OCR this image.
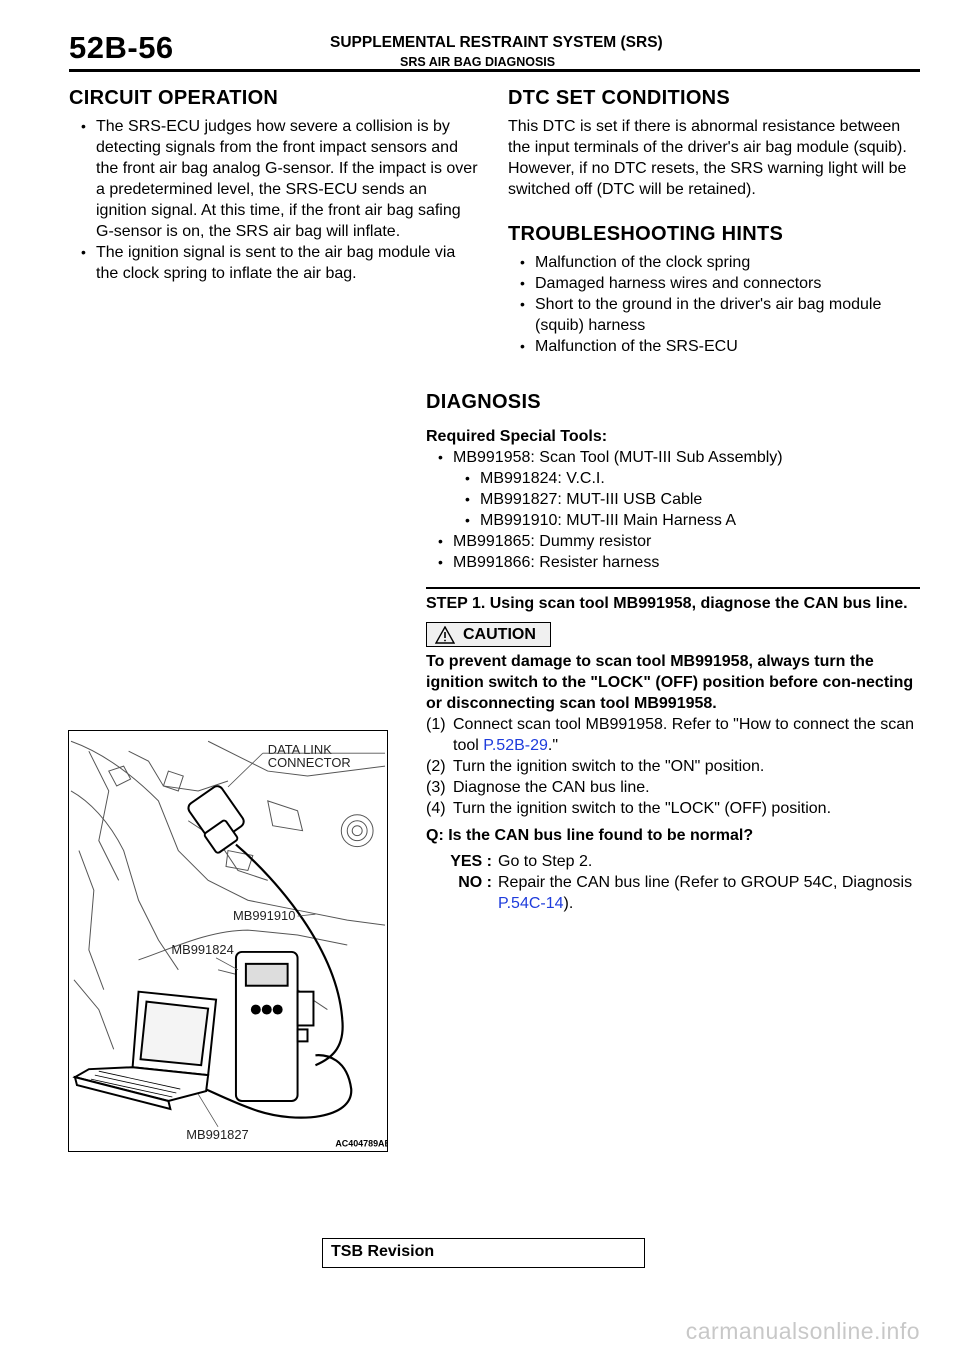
52B-56	SUPPLEMENTAL RESTRAINT SYSTEM (SRS)
SRS AIR BAG DIAGNOSIS
CIRCUIT OPERATION
• The SRS-ECU judges how severe a collision is by detecting signals from the front impact sensors and the front air bag analog G-sensor. If the impact is over a predetermined level, the SRS-ECU sends an ignition signal. At this time, if the front air bag safing G-sensor is on, the SRS air bag will inflate.
• The ignition signal is sent to the air bag module via the clock spring to inflate the air bag.
DTC SET CONDITIONS

This DTC is set if there is abnormal resistance between the input terminals of the driver's air bag module (squib). However, if no DTC resets, the SRS warning light will be switched off (DTC will be retained).

TROUBLESHOOTING HINTS
• Malfunction of the clock spring
• Damaged harness wires and connectors
• Short to the ground in the driver's air bag module (squib) harness
• Malfunction of the SRS-ECU
DIAGNOSIS
Required Special Tools:
• MB991958: Scan Tool (MUT-III Sub Assembly)
• MB991824: V.C.I.
• MB991827: MUT-III USB Cable
• MB991910: MUT-III Main Harness A
• MB991865: Dummy resistor
• MB991866: Resister harness
STEP 1. Using scan tool MB991958, diagnose the CAN bus line.
CAUTION
To prevent damage to scan tool MB991958, always turn the ignition switch to the "LOCK" (OFF) position before con-necting or disconnecting scan tool MB991958.
(1) Connect scan tool MB991958. Refer to "How to connect the scan tool P.52B-29."
(2) Turn the ignition switch to the "ON" position.
(3) Diagnose the CAN bus line.
(4) Turn the ignition switch to the "LOCK" (OFF) position.
Q: Is the CAN bus line found to be normal?
YES : Go to Step 2.
NO : Repair the CAN bus line (Refer to GROUP 54C, Diagnosis P.54C-14).
DATA LINK
CONNECTOR
MB991910
MB991824
MB991827
AC404789AB
TSB Revision
carmanualsonline.info
